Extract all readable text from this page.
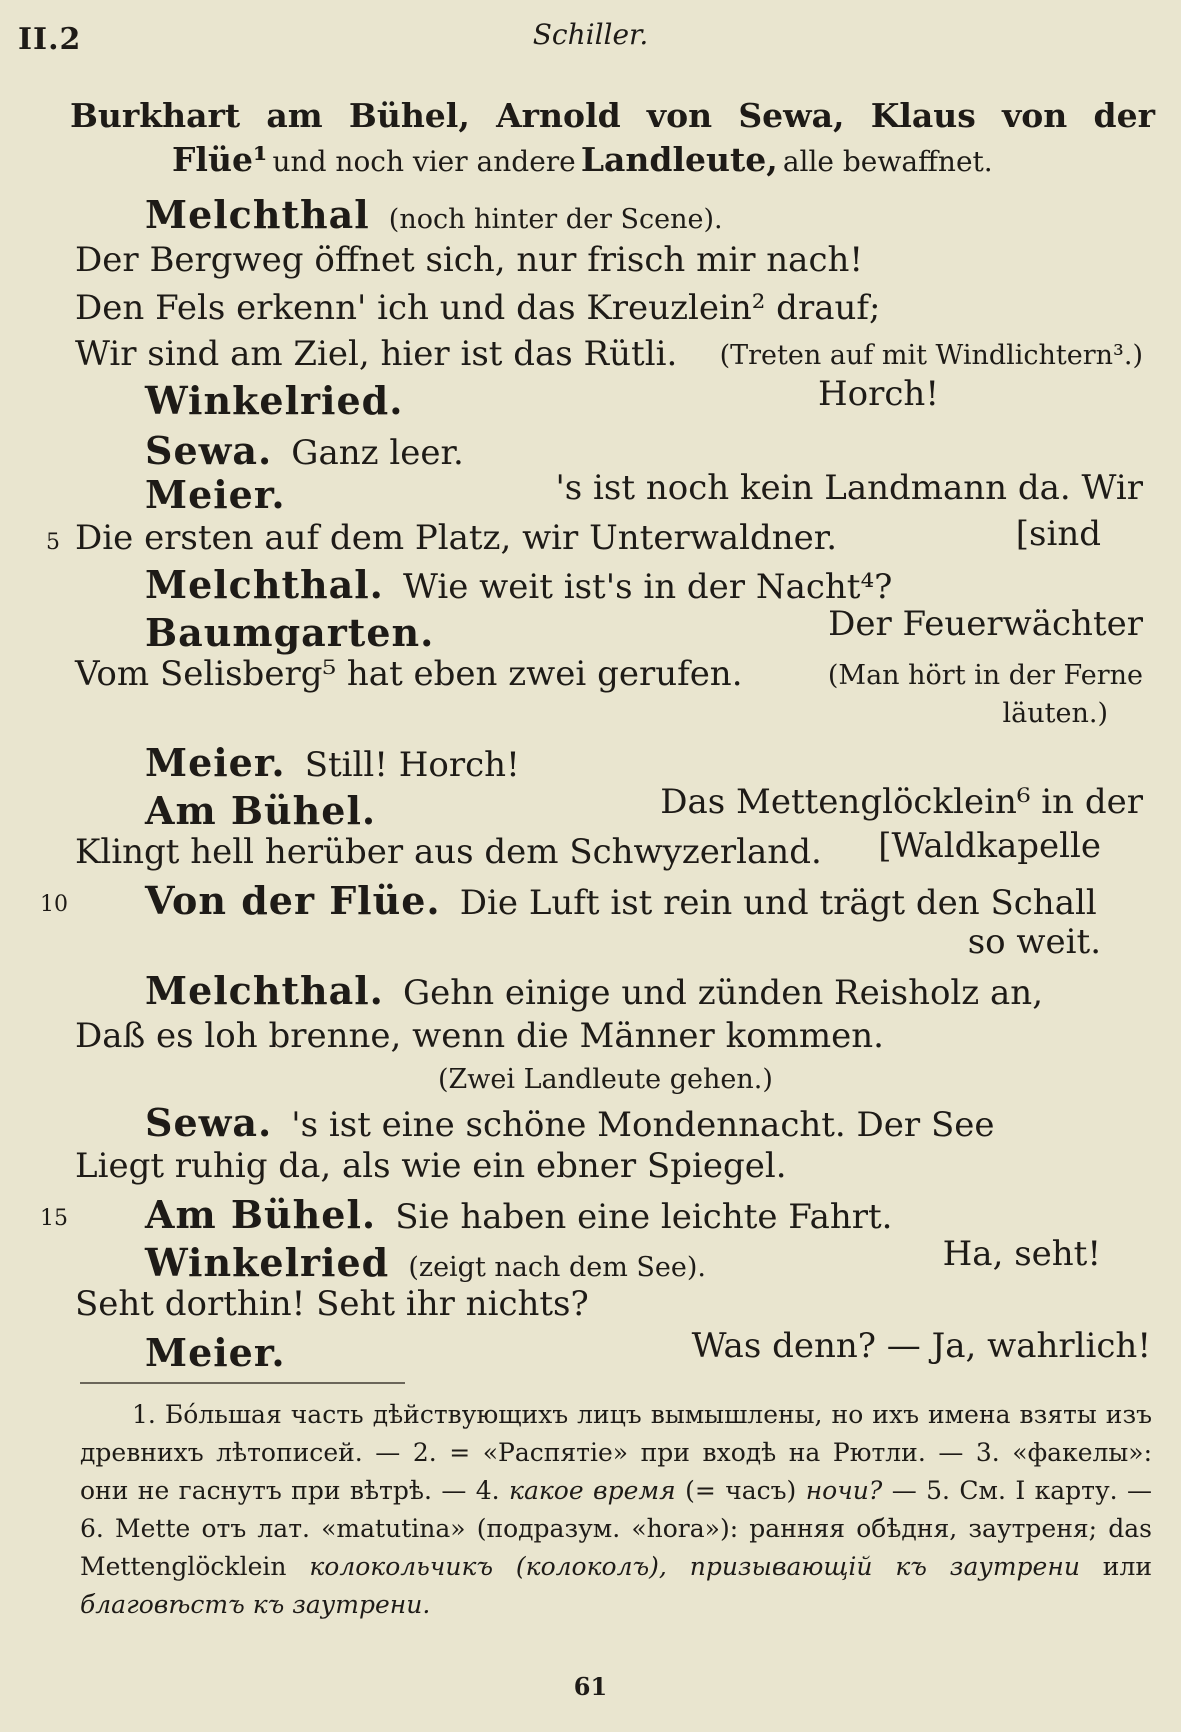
II.2	Schiller.
Burkhart am Bühel, Arnold von Sewa, Klaus von der
Flüe¹ und noch vier andere Landleute, alle bewaffnet.
Melchthal (noch hinter der Scene).
Der Bergweg öffnet sich, nur frisch mir nach!
Den Fels erkenn' ich und das Kreuzlein² drauf;
Wir sind am Ziel, hier ist das Rütli. (Treten auf mit Windlichtern³.)
Winkelried.	Horch!
Sewa. Ganz leer.
Meier.	's ist noch kein Landmann da. Wir
5 Die ersten auf dem Platz, wir Unterwaldner.	[sind
Melchthal. Wie weit ist's in der Nacht⁴?
Baumgarten.	Der Feuerwächter
Vom Selisberg⁵ hat eben zwei gerufen.	(Man hört in der Ferne
läuten.)
Meier. Still! Horch!
Am Bühel.	Das Mettenglöcklein⁶ in der
Klingt hell herüber aus dem Schwyzerland. [Waldkapelle
10 Von der Flüe. Die Luft ist rein und trägt den Schall
so weit.
Melchthal. Gehn einige und zünden Reisholz an,
Daß es loh brenne, wenn die Männer kommen.
(Zwei Landleute gehen.)
Sewa. 's ist eine schöne Mondennacht. Der See
Liegt ruhig da, als wie ein ebner Spiegel.
15 Am Bühel. Sie haben eine leichte Fahrt.
Winkelried (zeigt nach dem See).	Ha, seht!
Seht dorthin! Seht ihr nichts?
Meier.	Was denn? — Ja, wahrlich!
1. Бóльшая часть дѣйствующихъ лицъ вымышлены, но ихъ имена взяты изъ древнихъ лѣтописей. — 2. = «Распятіе» при входѣ на Рютли. — 3. «факелы»: они не гаснутъ при вѣтрѣ. — 4. какое время (= часъ) ночи? — 5. См. I карту. — 6. Mette отъ лат. «matutina» (подразум. «hora»): ранняя обѣдня, заутреня; das Mettenglöcklein колокольчикъ (колоколъ), призывающій къ заутрени или благовѣстъ къ заутрени.
61
